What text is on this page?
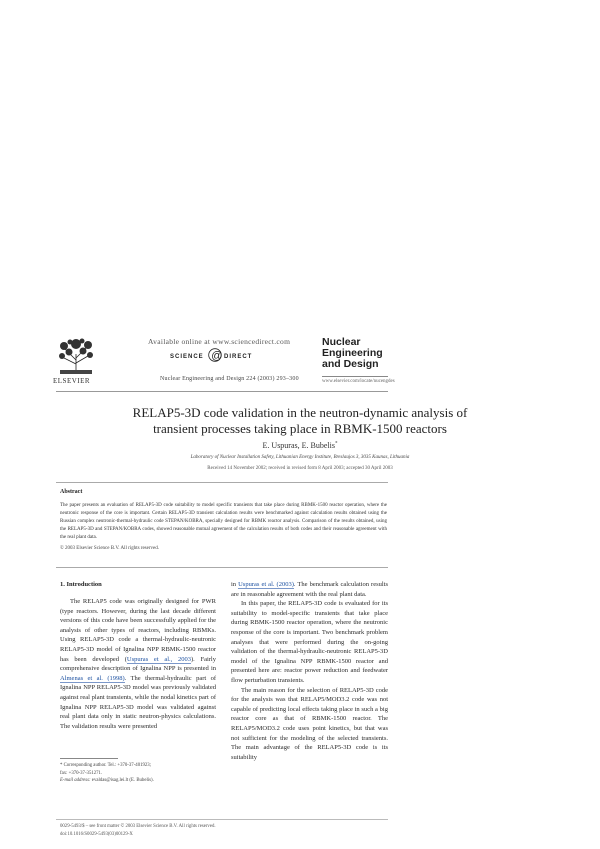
ELSEVIER
Available online at www.sciencedirect.com
SCIENCE @ DIRECT
Nuclear Engineering and Design 224 (2003) 293–300
Nuclear
Engineering
and Design
www.elsevier.com/locate/nucengdes
RELAP5-3D code validation in the neutron-dynamic analysis of
transient processes taking place in RBMK-1500 reactors
E. Uspuras, E. Bubelis*
Laboratory of Nuclear Installation Safety, Lithuanian Energy Institute, Breslaujos 3, 3035 Kaunas, Lithuania
Received 14 November 2002; received in revised form 8 April 2003; accepted 30 April 2003
Abstract
The paper presents an evaluation of RELAP5-3D code suitability to model specific transients that take place during RBMK-1500 reactor operation, where the neutronic response of the core is important. Certain RELAP5-3D transient calculation results were benchmarked against calculation results obtained using the Russian complex neutronic-thermal-hydraulic code STEPAN/KOBRA, specially designed for RBMK reactor analysis. Comparison of the results obtained, using the RELAP5-3D and STEPAN/KOBRA codes, showed reasonable mutual agreement of the calculation results of both codes and their reasonable agreement with the real plant data.
© 2003 Elsevier Science B.V. All rights reserved.
1. Introduction

The RELAP5 code was originally designed for PWR (type reactors. However, during the last decade different versions of this code have been successfully applied for the analysis of other types of reactors, including RBMKs. Using RELAP5-3D code a thermal-hydraulic-neutronic RELAP5-3D model of Ignalina NPP RBMK-1500 reactor has been developed (Uspuras et al., 2003). Fairly comprehensive description of Ignalina NPP is presented in Almenas et al. (1998). The thermal-hydraulic part of Ignalina NPP RELAP5-3D model was previously validated against real plant transients, while the nodal kinetics part of Ignalina NPP RELAP5-3D model was validated against real plant data only in static neutron-physics calculations. The validation results were presented

in Uspuras et al. (2003). The benchmark calculation results are in reasonable agreement with the real plant data.

In this paper, the RELAP5-3D code is evaluated for its suitability to model-specific transients that take place during RBMK-1500 reactor operation, where the neutronic response of the core is important. Two benchmark problem analyses that were performed during the on-going validation of the thermal-hydraulic-neutronic RELAP5-3D model of the Ignalina NPP RBMK-1500 reactor and presented here are: reactor power reduction and feedwater flow perturbation transients.

The main reason for the selection of RELAP5-3D code for the analysis was that RELAP5/MOD3.2 code was not capable of predicting local effects taking place in such a big reactor core as that of RBMK-1500 reactor. The RELAP5/MOD3.2 code uses point kinetics, but that was not sufficient for the modeling of the selected transients. The main advantage of the RELAP5-3D code is its suitability

* Corresponding author. Tel.: +370-37-401923;
fax: +370-37-351271.
E-mail address: evaldas@isag.lei.lt (E. Bubelis).
0029-5493/$ – see front matter © 2003 Elsevier Science B.V. All rights reserved.
doi:10.1016/S0029-5493(03)00129-X
